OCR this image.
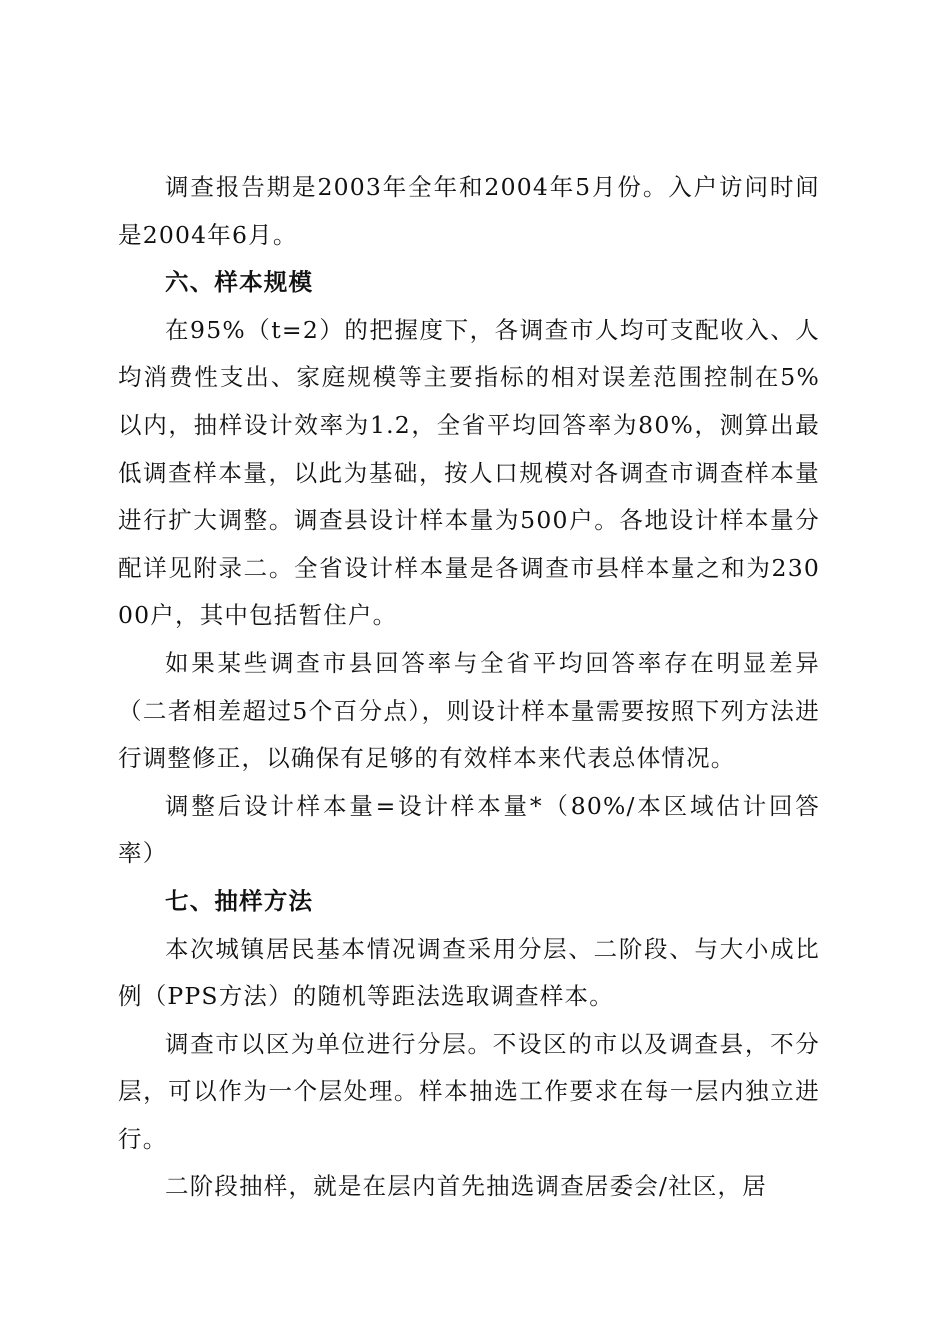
调查报告期是2003年全年和2004年5月份。入户访问时间是2004年6月。

六、样本规模

在95%（t=2）的把握度下，各调查市人均可支配收入、人均消费性支出、家庭规模等主要指标的相对误差范围控制在5%以内，抽样设计效率为1.2，全省平均回答率为80%，测算出最低调查样本量，以此为基础，按人口规模对各调查市调查样本量进行扩大调整。调查县设计样本量为500户。各地设计样本量分配详见附录二。全省设计样本量是各调查市县样本量之和为23000户，其中包括暂住户。

如果某些调查市县回答率与全省平均回答率存在明显差异（二者相差超过5个百分点），则设计样本量需要按照下列方法进行调整修正，以确保有足够的有效样本来代表总体情况。

调整后设计样本量=设计样本量*（80%/本区域估计回答率）

七、抽样方法

本次城镇居民基本情况调查采用分层、二阶段、与大小成比例（PPS方法）的随机等距法选取调查样本。

调查市以区为单位进行分层。不设区的市以及调查县，不分层，可以作为一个层处理。样本抽选工作要求在每一层内独立进行。

二阶段抽样，就是在层内首先抽选调查居委会/社区，居
